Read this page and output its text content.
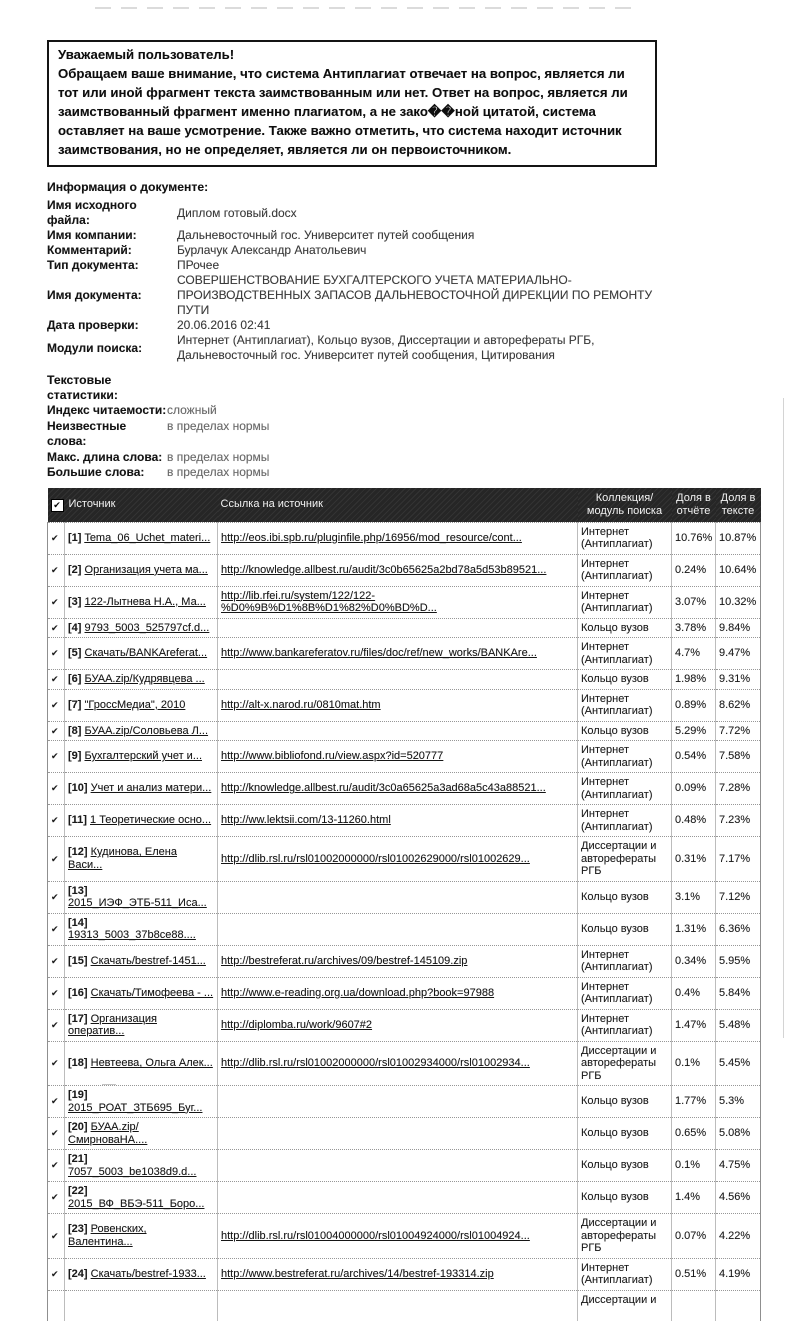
Уважаемый пользователь!

Обращаем ваше внимание, что система Антиплагиат отвечает на вопрос, является ли тот или иной фрагмент текста заимствованным или нет. Ответ на вопрос, является ли заимствованный фрагмент именно плагиатом, а не зако��ной цитатой, система оставляет на ваше усмотрение. Также важно отметить, что система находит источник заимствования, но не определяет, является ли он первоисточником.

Информация о документе:
Имя исходного файла:
Диплом готовый.docx
Имя компании:	Дальневосточный гос. Университет путей сообщения
Комментарий:	Бурлачук Александр Анатольевич
Тип документа:	ПРочее
Имя документа:
СОВЕРШЕНСТВОВАНИЕ БУХГАЛТЕРСКОГО УЧЕТА МАТЕРИАЛЬНО-ПРОИЗВОДСТВЕННЫХ ЗАПАСОВ ДАЛЬНЕВОСТОЧНОЙ ДИРЕКЦИИ ПО РЕМОНТУ ПУТИ
Дата проверки:	20.06.2016 02:41
Модули поиска:
Интернет (Антиплагиат), Кольцо вузов, Диссертации и авторефераты РГБ, Дальневосточный гос. Университет путей сообщения, Цитирования
Текстовые статистики:
Индекс читаемости: сложный
Неизвестные слова:
в пределах нормы
Макс. длина слова: в пределах нормы
Большие слова:	в пределах нормы
✔ Источник		Ссылка на источник	Коллекция/ модуль поиска	Доля в отчёте	Доля в тексте
✔	[1] Tema_06_Uchet_materi...	http://eos.ibi.spb.ru/pluginfile.php/16956/mod_resource/cont...	Интернет (Антиплагиат)	10.76%	10.87%
✔	[2] Организация учета ма...	http://knowledge.allbest.ru/audit/3c0b65625a2bd78a5d53b89521...	Интернет (Антиплагиат)	0.24%	10.64%
✔	[3] 122-Лытнева Н.А., Ма...	http://lib.rfei.ru/system/122/122-%D0%9B%D1%8B%D1%82%D0%BD%D...	Интернет (Антиплагиат)	3.07%	10.32%
✔	[4] 9793_5003_525797cf.d...		Кольцо вузов	3.78%	9.84%
✔	[5] Скачать/BANKAreferat...	http://www.bankareferatov.ru/files/doc/ref/new_works/BANKAre...	Интернет (Антиплагиат)	4.7%	9.47%
✔	[6] БУАА.zip/Кудрявцева ...		Кольцо вузов	1.98%	9.31%
✔	[7] "ГроссМедиа", 2010	http://alt-x.narod.ru/0810mat.htm	Интернет (Антиплагиат)	0.89%	8.62%
✔	[8] БУАА.zip/Соловьева Л...		Кольцо вузов	5.29%	7.72%
✔	[9] Бухгалтерский учет и...	http://www.bibliofond.ru/view.aspx?id=520777	Интернет (Антиплагиат)	0.54%	7.58%
✔	[10] Учет и анализ матери...	http://knowledge.allbest.ru/audit/3c0a65625a3ad68a5c43a88521...	Интернет (Антиплагиат)	0.09%	7.28%
✔	[11] 1 Теоретические осно...	http://ww.lektsii.com/13-11260.html	Интернет (Антиплагиат)	0.48%	7.23%
✔	[12] Кудинова, Елена Васи...	http://dlib.rsl.ru/rsl01002000000/rsl01002629000/rsl01002629...	Диссертации и авторефераты РГБ	0.31%	7.17%
✔	[13] 2015_ИЭФ_ЭТБ-511_Иса...		Кольцо вузов	3.1%	7.12%
✔	[14] 19313_5003_37b8ce88....		Кольцо вузов	1.31%	6.36%
✔	[15] Скачать/bestref-1451...	http://bestreferat.ru/archives/09/bestref-145109.zip	Интернет (Антиплагиат)	0.34%	5.95%
✔	[16] Скачать/Тимофеева - ...	http://www.e-reading.org.ua/download.php?book=97988	Интернет (Антиплагиат)	0.4%	5.84%
✔	[17] Организация оператив...	http://diplomba.ru/work/9607#2	Интернет (Антиплагиат)	1.47%	5.48%
✔	[18] Невтеева, Ольга Алек...	http://dlib.rsl.ru/rsl01002000000/rsl01002934000/rsl01002934...	Диссертации и авторефераты РГБ	0.1%	5.45%
✔	[19] 2015_РОАТ_ЗТБ695_Буг...		Кольцо вузов	1.77%	5.3%
✔	[20] БУАА.zip/СмирноваНА....		Кольцо вузов	0.65%	5.08%
✔	[21] 7057_5003_be1038d9.d...		Кольцо вузов	0.1%	4.75%
✔	[22] 2015_ВФ_ВБЭ-511_Боро...		Кольцо вузов	1.4%	4.56%
✔	[23] Ровенских, Валентина...	http://dlib.rsl.ru/rsl01004000000/rsl01004924000/rsl01004924...	Диссертации и авторефераты РГБ	0.07%	4.22%
✔	[24] Скачать/bestref-1933...	http://www.bestreferat.ru/archives/14/bestref-193314.zip	Интернет (Антиплагиат)	0.51%	4.19%
			Диссертации и		
